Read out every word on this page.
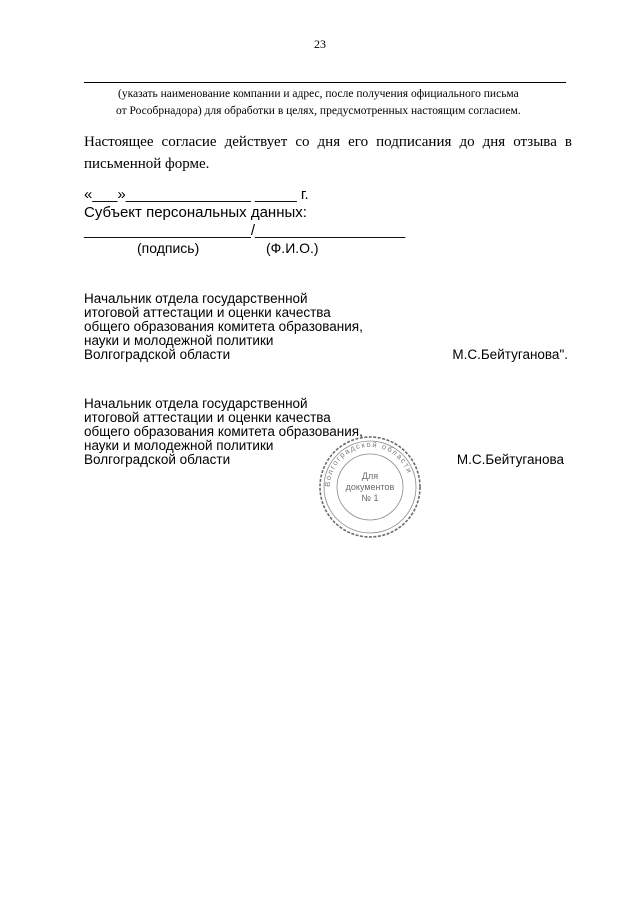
23
(указать наименование компании и адрес, после получения официального письма
от Рособрнадора) для обработки в целях, предусмотренных настоящим согласием.
Настоящее согласие действует со дня его подписания до дня отзыва в письменной форме.
«___»_______________ _____ г.
Субъект персональных данных:
____________________/__________________
(подпись)	(Ф.И.О.)
Начальник отдела государственной
итоговой аттестации и оценки качества
общего образования комитета образования,
науки и молодежной политики
Волгоградской области	М.С.Бейтуганова".
Начальник отдела государственной
итоговой аттестации и оценки качества
общего образования комитета образования,
науки и молодежной политики
Волгоградской области	М.С.Бейтуганова
Волгоградской области
Для
документов
№ 1
